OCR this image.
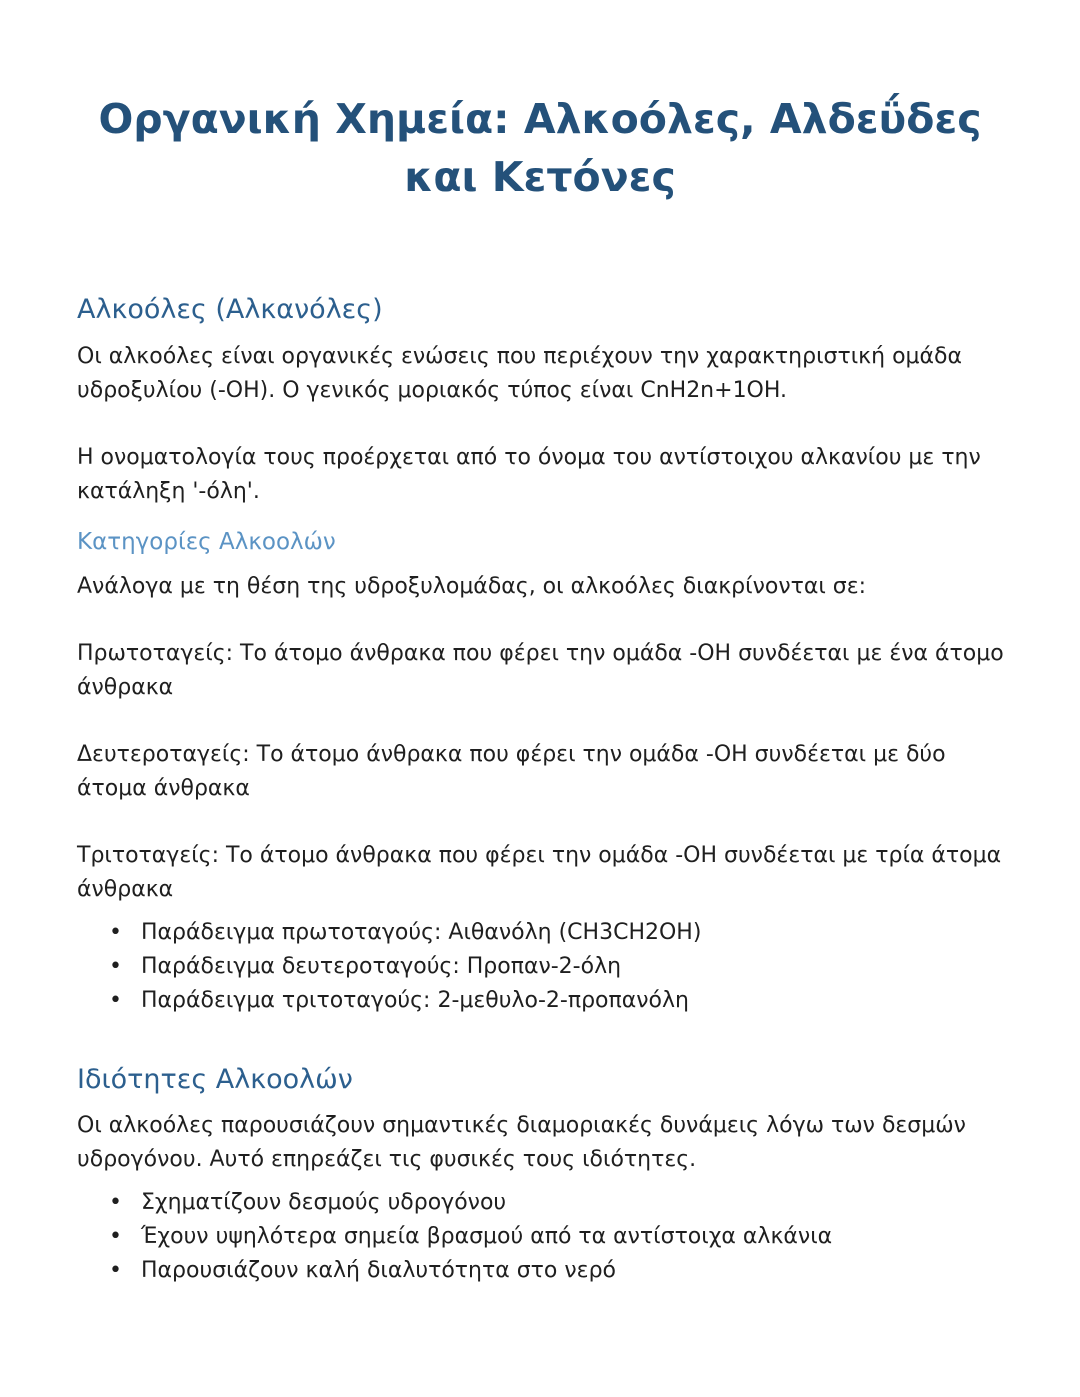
Οργανική Χημεία: Αλκοόλες, Αλδεΰδες και Κετόνες
Αλκοόλες (Αλκανόλες)

Οι αλκοόλες είναι οργανικές ενώσεις που περιέχουν την χαρακτηριστική ομάδα υδροξυλίου (-OH). Ο γενικός μοριακός τύπος είναι CnH2n+1OH.

Η ονοματολογία τους προέρχεται από το όνομα του αντίστοιχου αλκανίου με την κατάληξη '-όλη'.

Κατηγορίες Αλκοολών

Ανάλογα με τη θέση της υδροξυλομάδας, οι αλκοόλες διακρίνονται σε:

Πρωτοταγείς: Το άτομο άνθρακα που φέρει την ομάδα -OH συνδέεται με ένα άτομο άνθρακα

Δευτεροταγείς: Το άτομο άνθρακα που φέρει την ομάδα -OH συνδέεται με δύο άτομα άνθρακα

Τριτοταγείς: Το άτομο άνθρακα που φέρει την ομάδα -OH συνδέεται με τρία άτομα άνθρακα

• Παράδειγμα πρωτοταγούς: Αιθανόλη (CH3CH2OH)
• Παράδειγμα δευτεροταγούς: Προπαν-2-όλη
• Παράδειγμα τριτοταγούς: 2-μεθυλο-2-προπανόλη
Ιδιότητες Αλκοολών

Οι αλκοόλες παρουσιάζουν σημαντικές διαμοριακές δυνάμεις λόγω των δεσμών υδρογόνου. Αυτό επηρεάζει τις φυσικές τους ιδιότητες.

• Σχηματίζουν δεσμούς υδρογόνου
• Έχουν υψηλότερα σημεία βρασμού από τα αντίστοιχα αλκάνια
• Παρουσιάζουν καλή διαλυτότητα στο νερό
